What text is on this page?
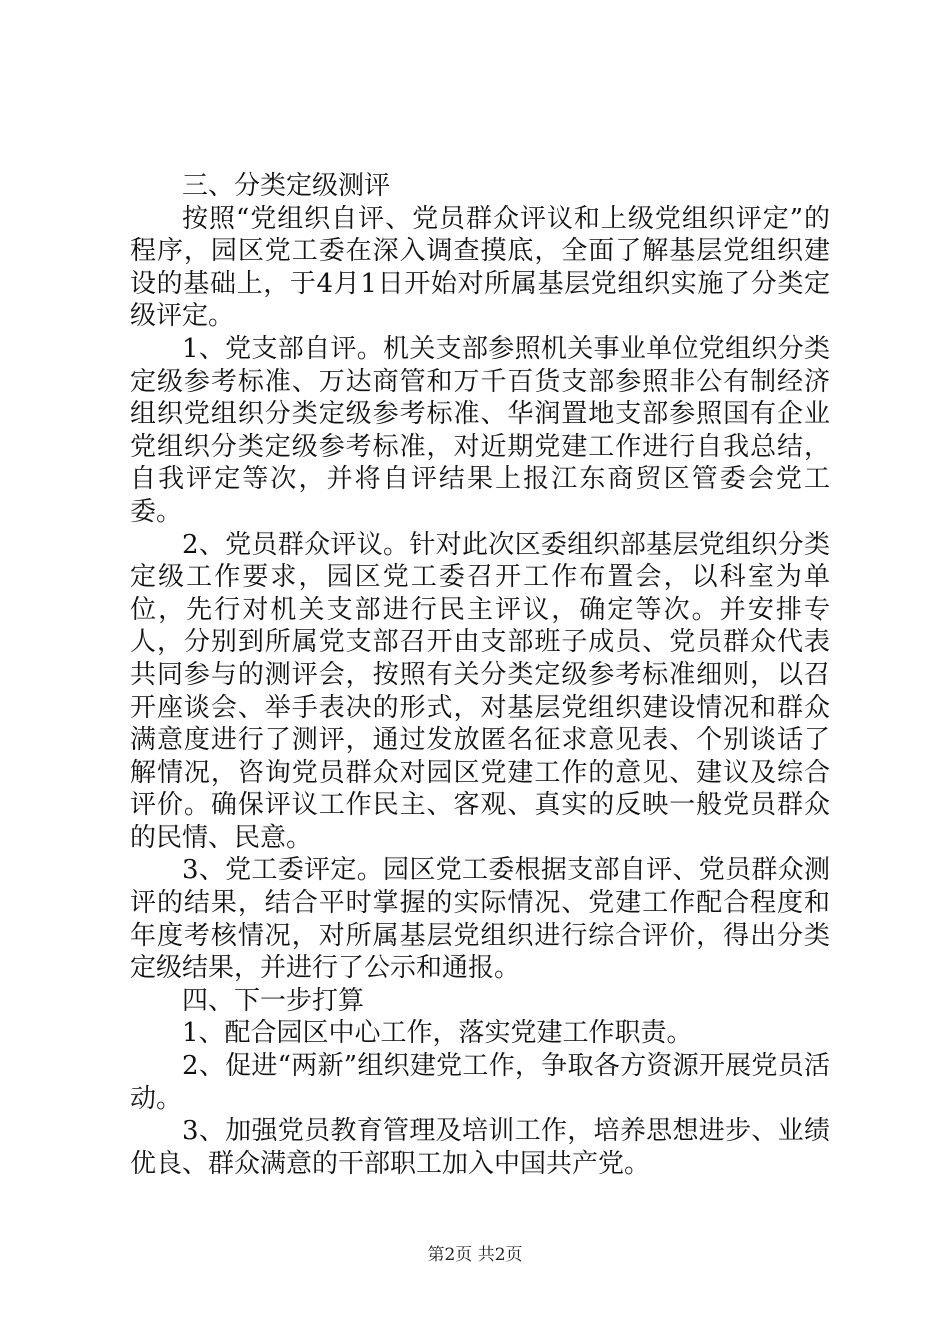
三、分类定级测评

按照“党组织自评、党员群众评议和上级党组织评定”的程序，园区党工委在深入调查摸底，全面了解基层党组织建设的基础上，于4月1日开始对所属基层党组织实施了分类定级评定。

1、党支部自评。机关支部参照机关事业单位党组织分类定级参考标准、万达商管和万千百货支部参照非公有制经济组织党组织分类定级参考标准、华润置地支部参照国有企业党组织分类定级参考标准，对近期党建工作进行自我总结，自我评定等次，并将自评结果上报江东商贸区管委会党工委。

2、党员群众评议。针对此次区委组织部基层党组织分类定级工作要求，园区党工委召开工作布置会，以科室为单位，先行对机关支部进行民主评议，确定等次。并安排专人，分别到所属党支部召开由支部班子成员、党员群众代表共同参与的测评会，按照有关分类定级参考标准细则，以召开座谈会、举手表决的形式，对基层党组织建设情况和群众满意度进行了测评，通过发放匿名征求意见表、个别谈话了解情况，咨询党员群众对园区党建工作的意见、建议及综合评价。确保评议工作民主、客观、真实的反映一般党员群众的民情、民意。

3、党工委评定。园区党工委根据支部自评、党员群众测评的结果，结合平时掌握的实际情况、党建工作配合程度和年度考核情况，对所属基层党组织进行综合评价，得出分类定级结果，并进行了公示和通报。

四、下一步打算

1、配合园区中心工作，落实党建工作职责。

2、促进“两新”组织建党工作，争取各方资源开展党员活动。

3、加强党员教育管理及培训工作，培养思想进步、业绩优良、群众满意的干部职工加入中国共产党。

第2页 共2页
